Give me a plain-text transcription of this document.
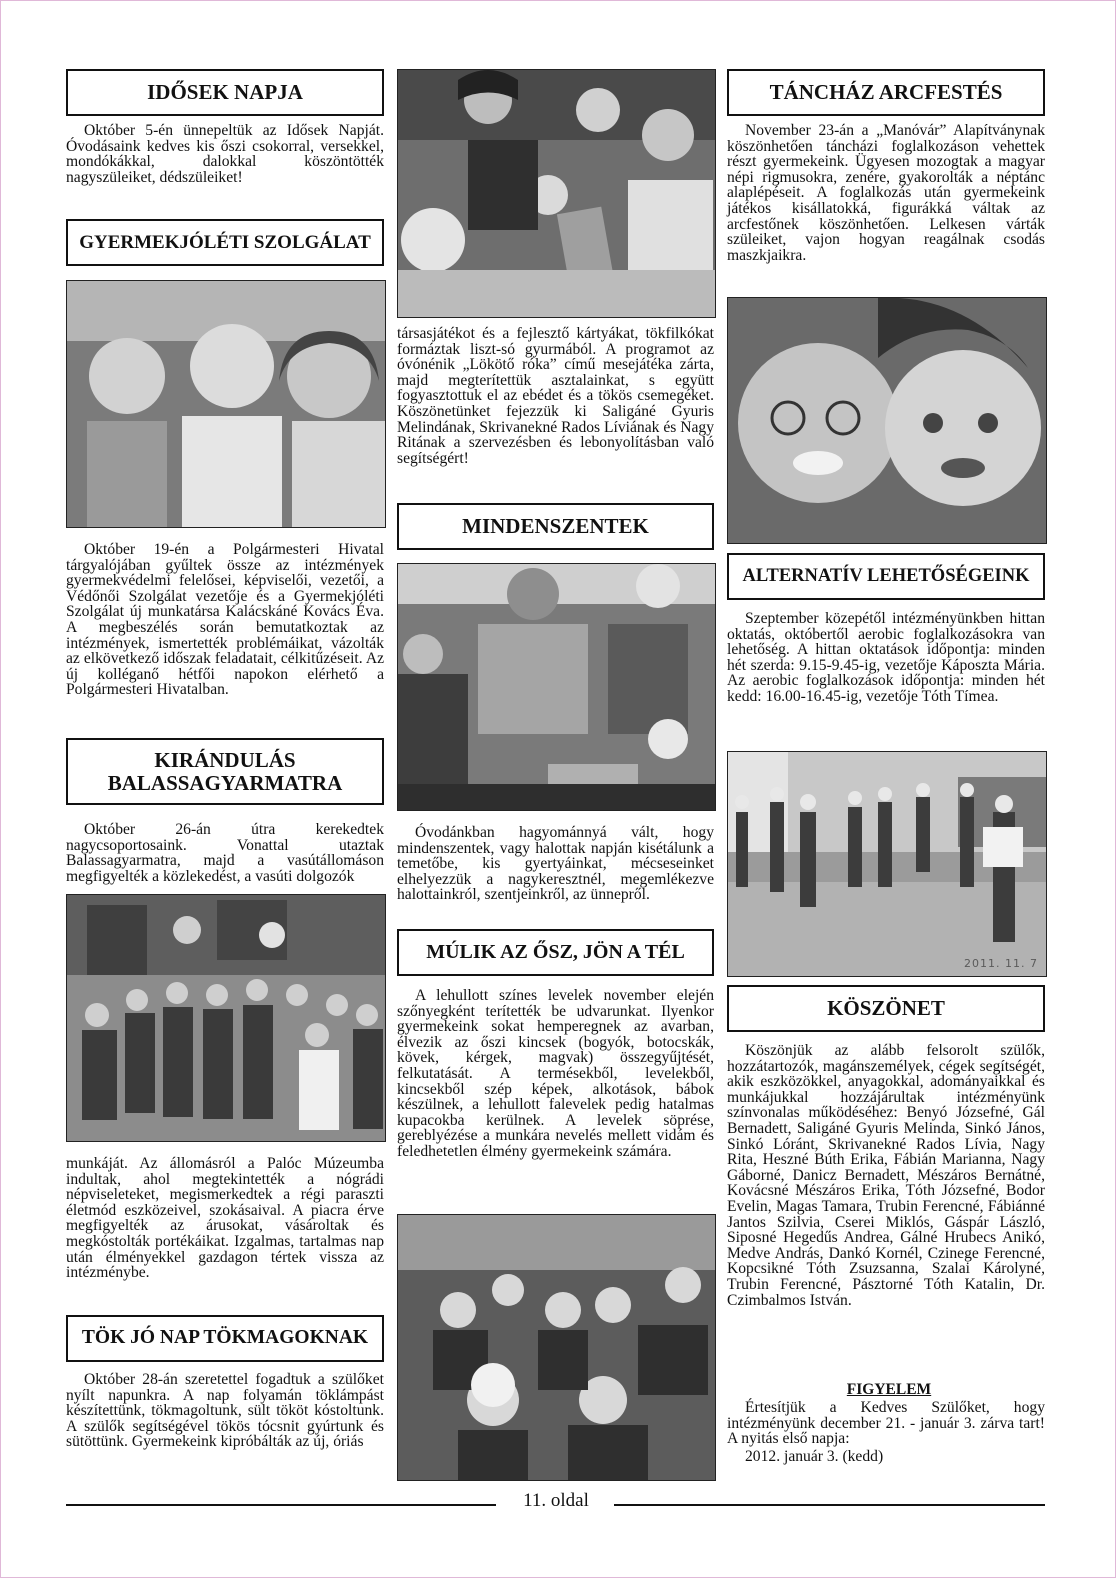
IDŐSEK NAPJA

Október 5-én ünnepeltük az Idősek Napját. Óvodásaink kedves kis őszi csokorral, versekkel, mondókákkal, dalokkal köszöntötték nagyszüleiket, dédszüleiket!

GYERMEKJÓLÉTI SZOLGÁLAT

Október 19-én a Polgármesteri Hivatal tárgyalójában gyűltek össze az intézmények gyermekvédelmi felelősei, képviselői, vezetői, a Védőnői Szolgálat vezetője és a Gyermekjóléti Szolgálat új munkatársa Kalácskáné Kovács Éva. A megbeszélés során bemutatkoztak az intézmények, ismertették problémáikat, vázolták az elkövetkező időszak feladatait, célkitűzéseit. Az új kolléganő hétfői napokon elérhető a Polgármesteri Hivatalban.

KIRÁNDULÁS
BALASSAGYARMATRA

Október 26-án útra kerekedtek nagycsoportosaink. Vonattal utaztak Balassagyarmatra, majd a vasútállomáson megfigyelték a közlekedést, a vasúti dolgozók

munkáját. Az állomásról a Palóc Múzeumba indultak, ahol megtekintették a nógrádi népviseleteket, megismerkedtek a régi paraszti életmód eszközeivel, szokásaival. A piacra érve megfigyelték az árusokat, vásároltak és megkóstolták portékáikat. Izgalmas, tartalmas nap után élményekkel gazdagon tértek vissza az intézménybe.

TÖK JÓ NAP TÖKMAGOKNAK

Október 28-án szeretettel fogadtuk a szülőket nyílt napunkra. A nap folyamán töklámpást készítettünk, tökmagoltunk, sült tököt kóstoltunk. A szülők segítségével tökös tócsnit gyúrtunk és sütöttünk. Gyermekeink kipróbálták az új, óriás

társasjátékot és a fejlesztő kártyákat, tökfilkókat formáztak liszt-só gyurmából. A programot az óvónénik „Lökötő róka” című mesejátéka zárta, majd megterítettük asztalainkat, s együtt fogyasztottuk el az ebédet és a tökös csemegéket. Köszönetünket fejezzük ki Saligáné Gyuris Melindának, Skrivanekné Rados Líviának és Nagy Ritának a szervezésben és lebonyolításban való segítségért!

MINDENSZENTEK

Óvodánkban hagyománnyá vált, hogy mindenszentek, vagy halottak napján kisétálunk a temetőbe, kis gyertyáinkat, mécseseinket elhelyezzük a nagykeresztnél, megemlékezve halottainkról, szentjeinkről, az ünnepről.

MÚLIK AZ ŐSZ, JÖN A TÉL

A lehullott színes levelek november elején szőnyegként terítették be udvarunkat. Ilyenkor gyermekeink sokat hemperegnek az avarban, élvezik az őszi kincsek (bogyók, botocskák, kövek, kérgek, magvak) összegyűjtését, felkutatását. A termésekből, levelekből, kincsekből szép képek, alkotások, bábok készülnek, a lehullott falevelek pedig hatalmas kupacokba kerülnek. A levelek söprése, gereblyézése a munkára nevelés mellett vidám és feledhetetlen élmény gyermekeink számára.

TÁNCHÁZ ARCFESTÉS

November 23-án a „Manóvár” Alapítványnak köszönhetően táncházi foglalkozáson vehettek részt gyermekeink. Ügyesen mozogtak a magyar népi rigmusokra, zenére, gyakorolták a néptánc alaplépéseit. A foglalkozás után gyermekeink játékos kisállatokká, figurákká váltak az arcfestőnek köszönhetően. Lelkesen várták szüleiket, vajon hogyan reagálnak csodás maszkjaikra.

ALTERNATÍV LEHETŐSÉGEINK

Szeptember közepétől intézményünkben hittan oktatás, októbertől aerobic foglalkozásokra van lehetőség. A hittan oktatások időpontja: minden hét szerda: 9.15-9.45-ig, vezetője Káposzta Mária. Az aerobic foglalkozások időpontja: minden hét kedd: 16.00-16.45-ig, vezetője Tóth Tímea.

2011. 11. 7
KÖSZÖNET

Köszönjük az alább felsorolt szülők, hozzátartozók, magánszemélyek, cégek segítségét, akik eszközökkel, anyagokkal, adományaikkal és munkájukkal hozzájárultak intézményünk színvonalas működéséhez: Benyó Józsefné, Gál Bernadett, Saligáné Gyuris Melinda, Sinkó János, Sinkó Lóránt, Skrivanekné Rados Lívia, Nagy Rita, Heszné Búth Erika, Fábián Marianna, Nagy Gáborné, Danicz Bernadett, Mészáros Bernátné, Kovácsné Mészáros Erika, Tóth Józsefné, Bodor Evelin, Magas Tamara, Trubin Ferencné, Fábiánné Jantos Szilvia, Cserei Miklós, Gáspár László, Siposné Hegedűs Andrea, Gálné Hrubecs Anikó, Medve András, Dankó Kornél, Czinege Ferencné, Kopcsikné Tóth Zsuzsanna, Szalai Károlyné, Trubin Ferencné, Pásztorné Tóth Katalin, Dr. Czimbalmos István.

FIGYELEM

Értesítjük a Kedves Szülőket, hogy intézményünk december 21. - január 3. zárva tart! A nyitás első napja:

2012. január 3. (kedd)

11. oldal
